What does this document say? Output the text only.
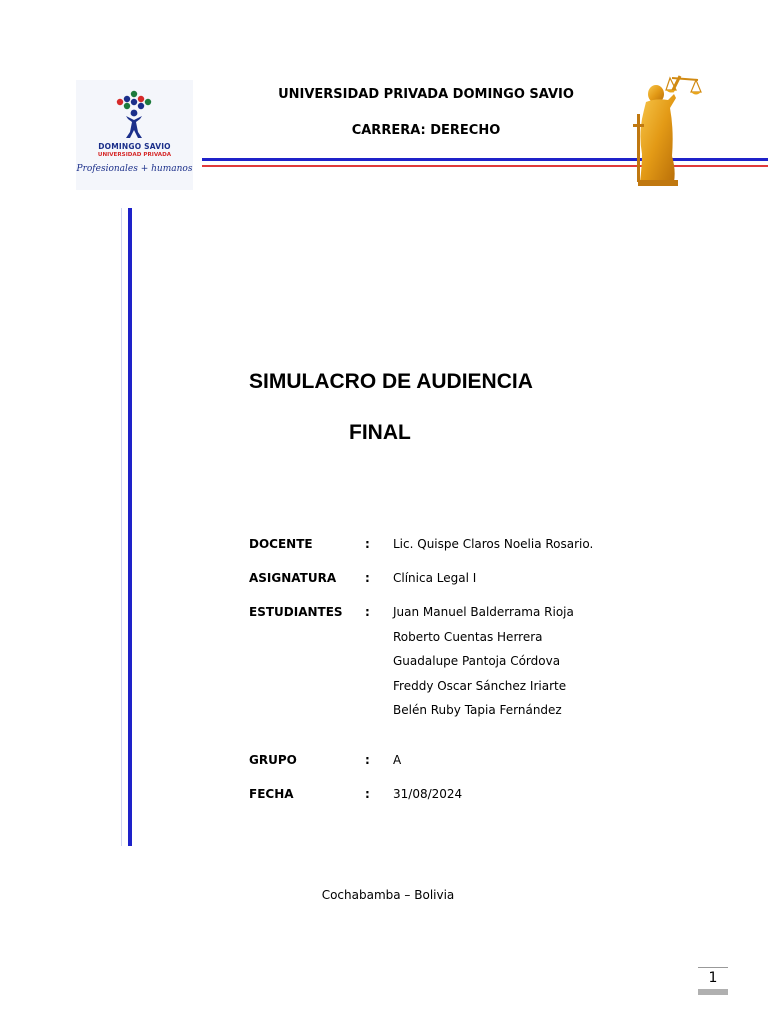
DOMINGO SAVIO
UNIVERSIDAD PRIVADA
Profesionales + humanos
UNIVERSIDAD PRIVADA DOMINGO SAVIO
CARRERA: DERECHO
SIMULACRO DE AUDIENCIA
FINAL
DOCENTE	: Lic. Quispe Claros Noelia Rosario.
ASIGNATURA : Clínica Legal I
ESTUDIANTES : Juan Manuel Balderrama Rioja
Roberto Cuentas Herrera
Guadalupe Pantoja Córdova
Freddy Oscar Sánchez Iriarte
Belén Ruby Tapia Fernández
GRUPO	: A
FECHA	: 31/08/2024
Cochabamba – Bolivia
1
